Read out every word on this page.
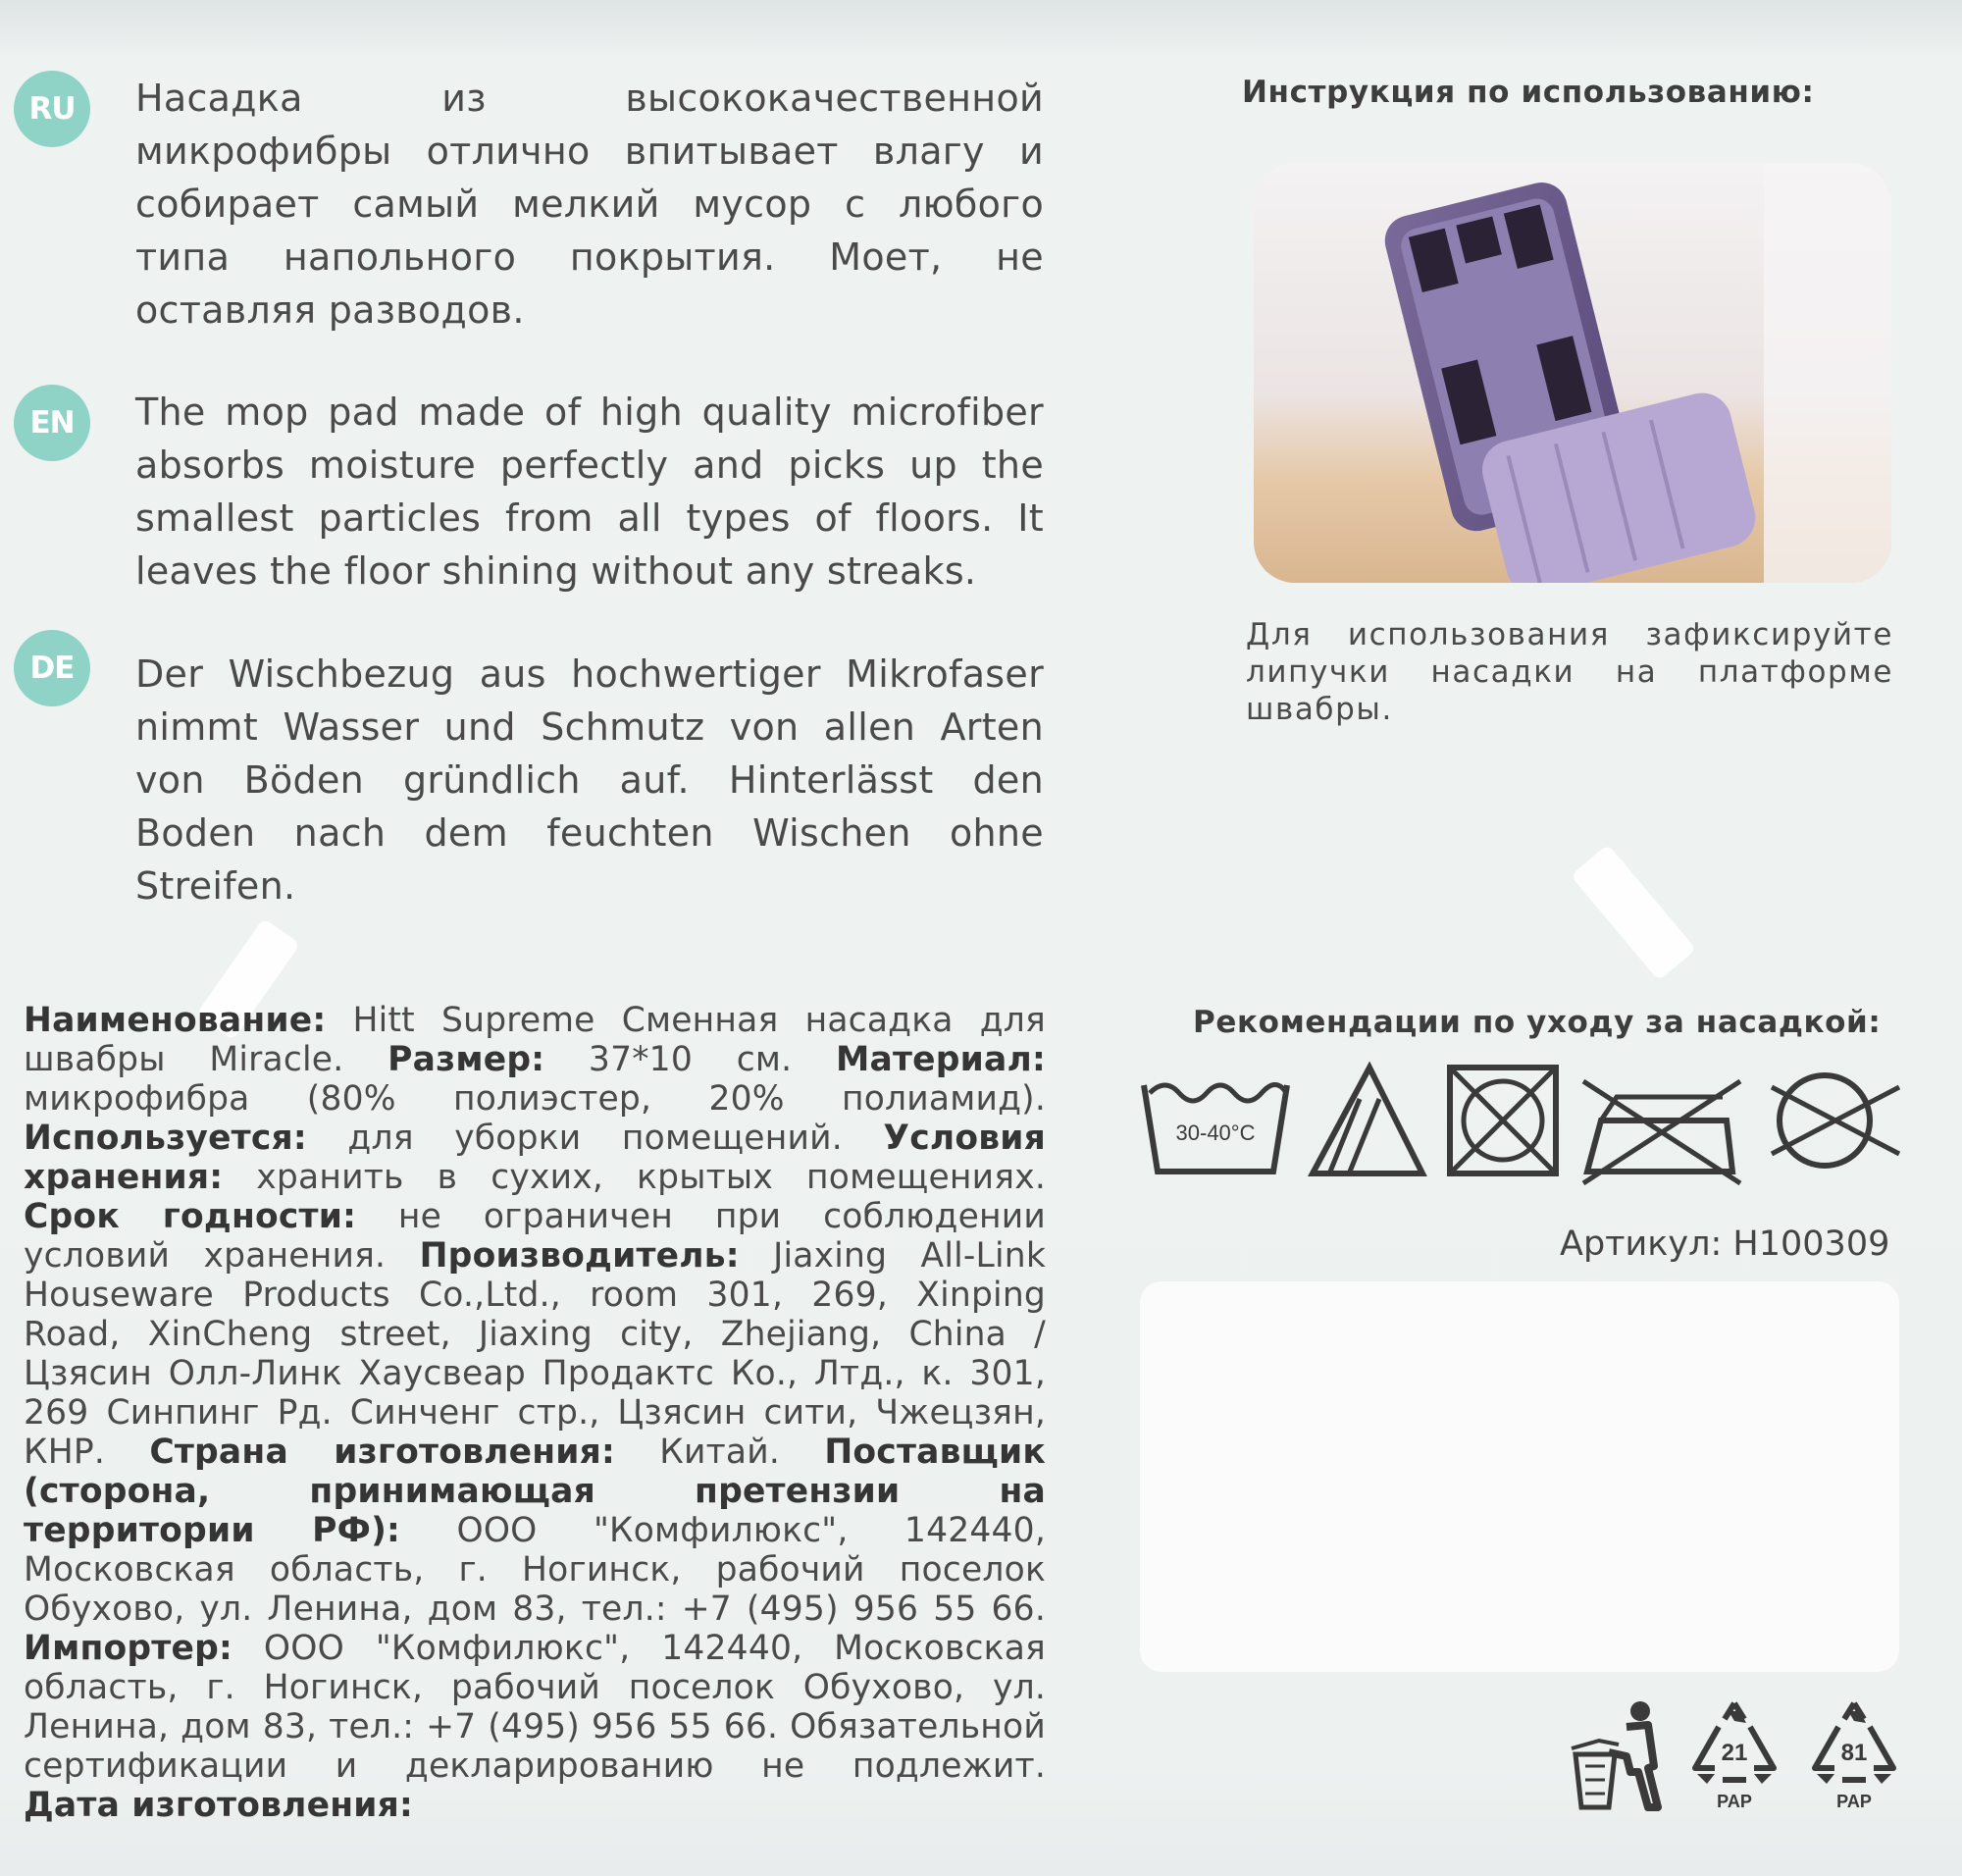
RU Насадка из высококачественной
микрофибры отлично впитывает влагу и
собирает самый мелкий мусор с любого
типа напольного покрытия. Моет, не
оставляя разводов.
EN The mop pad made of high quality microfiber
absorbs moisture perfectly and picks up the
smallest particles from all types of floors. It
leaves the floor shining without any streaks.
DE Der Wischbezug aus hochwertiger Mikrofaser
nimmt Wasser und Schmutz von allen Arten
von Böden gründlich auf. Hinterlässt den
Boden nach dem feuchten Wischen ohne
Streifen.
Инструкция по использованию:
Для использования зафиксируйте
липучки насадки на платформе
швабры.
Наименование: Hitt Supreme Сменная насадка для
швабры Miracle. Размер: 37*10 см. Материал:
микрофибра (80% полиэстер, 20% полиамид).
Используется: для уборки помещений. Условия
хранения: хранить в сухих, крытых помещениях.
Срок годности: не ограничен при соблюдении
условий хранения. Производитель: Jiaxing All-Link
Houseware Products Co.,Ltd., room 301, 269, Xinping
Road, XinCheng street, Jiaxing city, Zhejiang, China /
Цзясин Олл-Линк Хаусвеар Продактс Ко., Лтд., к. 301,
269 Синпинг Рд. Синченг стр., Цзясин сити, Чжецзян,
КНР. Страна изготовления: Китай. Поставщик
(сторона, принимающая претензии на
территории РФ): ООО "Комфилюкс", 142440,
Московская область, г. Ногинск, рабочий поселок
Обухово, ул. Ленина, дом 83, тел.: +7 (495) 956 55 66.
Импортер: ООО "Комфилюкс", 142440, Московская
область, г. Ногинск, рабочий поселок Обухово, ул.
Ленина, дом 83, тел.: +7 (495) 956 55 66. Обязательной
сертификации и декларированию не подлежит.
Дата изготовления:
Рекомендации по уходу за насадкой:
30-40°C
Артикул: H100309
21
PAP
81
PAP
